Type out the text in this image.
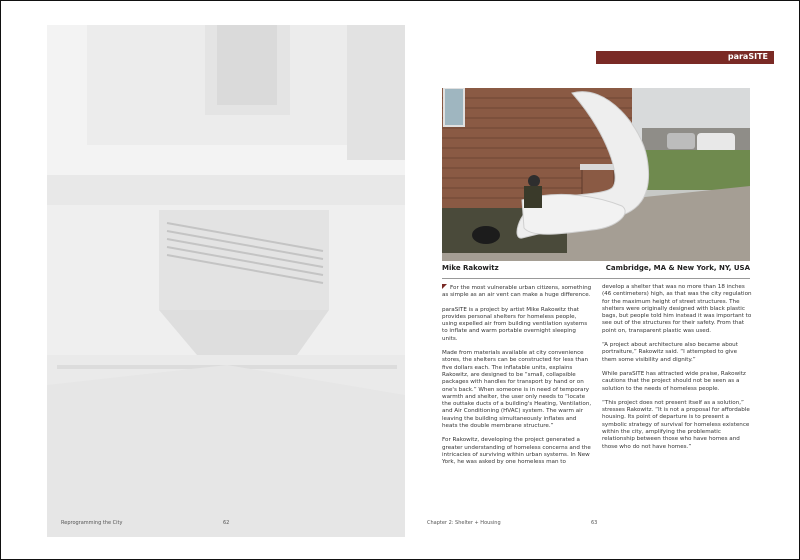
Reprogramming the City	62
paraSITE
Mike Rakowitz	Cambridge, MA & New York, NY, USA

For the most vulnerable urban citizens, something as simple as an air vent can make a huge difference.

paraSITE is a project by artist Mike Rakowitz that provides personal shelters for homeless people, using expelled air from building ventilation systems to inflate and warm portable overnight sleeping units.

Made from materials available at city convenience stores, the shelters can be constructed for less than five dollars each. The inflatable units, explains Rakowitz, are designed to be “small, collapsible packages with handles for transport by hand or on one's back.” When someone is in need of temporary warmth and shelter, the user only needs to “locate the outtake ducts of a building's Heating, Ventilation, and Air Conditioning (HVAC) system. The warm air leaving the building simultaneously inflates and heats the double membrane structure.”

For Rakowitz, developing the project generated a greater understanding of homeless concerns and the intricacies of surviving within urban systems. In New York, he was asked by one homeless man to

develop a shelter that was no more than 18 inches (46 centimeters) high, as that was the city regulation for the maximum height of street structures. The shelters were originally designed with black plastic bags, but people told him instead it was important to see out of the structures for their safety. From that point on, transparent plastic was used.

“A project about architecture also became about portraiture,” Rakowitz said. “I attempted to give them some visibility and dignity.”

While paraSITE has attracted wide praise, Rakowitz cautions that the project should not be seen as a solution to the needs of homeless people.

“This project does not present itself as a solution,” stresses Rakowitz. “It is not a proposal for affordable housing. Its point of departure is to present a symbolic strategy of survival for homeless existence within the city, amplifying the problematic relationship between those who have homes and those who do not have homes.”

Chapter 2: Shelter + Housing	63
